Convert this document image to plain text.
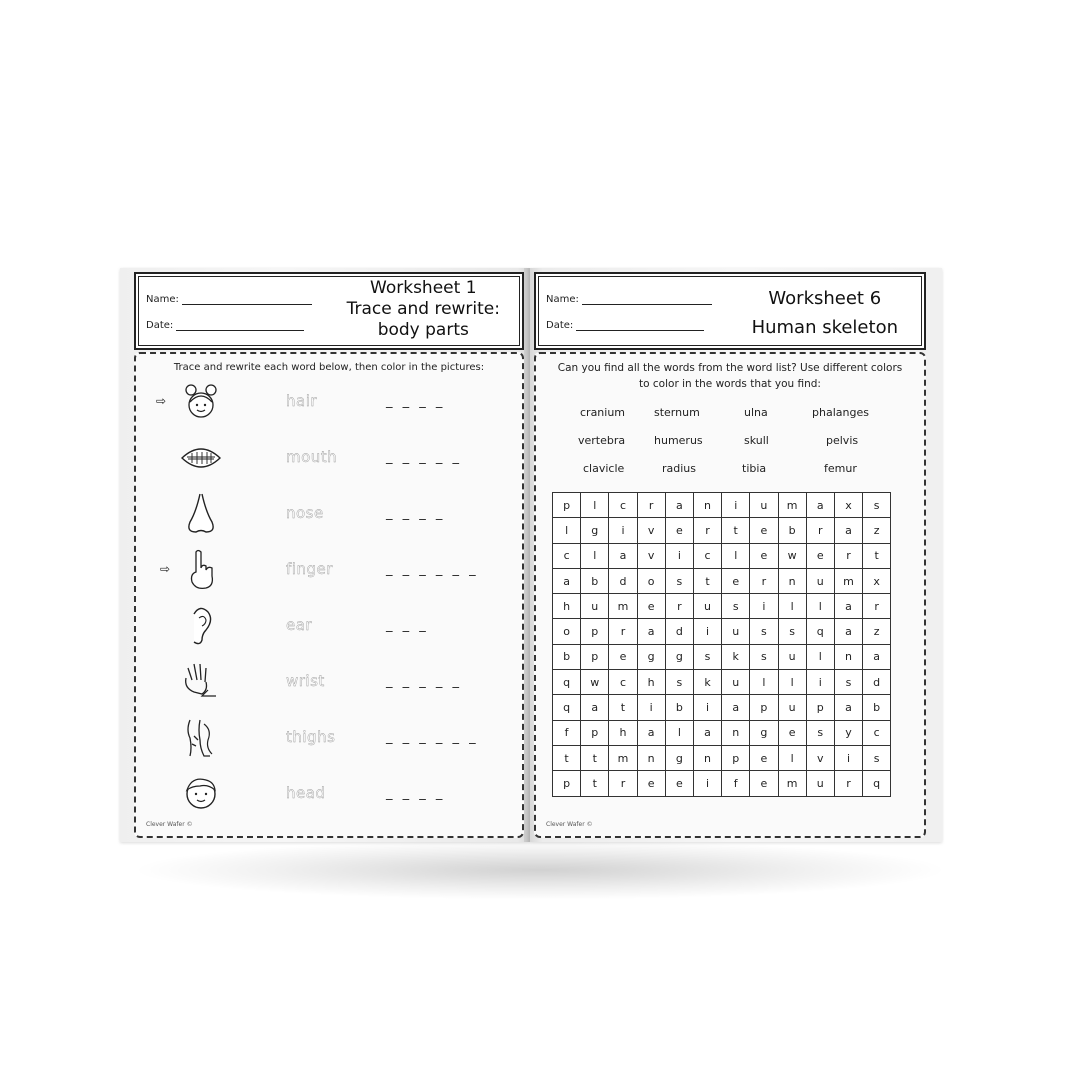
Name:
Date:
Worksheet 1
Trace and rewrite:
body parts
Trace and rewrite each word below, then color in the pictures:
⇨	hair	_ _ _ _
mouth	_ _ _ _ _
nose	_ _ _ _
⇨	finger	_ _ _ _ _ _
ear	_ _ _
wrist	_ _ _ _ _
thighs	_ _ _ _ _ _
head	_ _ _ _
Clever Wafer ©
Name:
Date:
Worksheet 6
Human skeleton
Can you find all the words from the word list? Use different colors
to color in the words that you find:
cranium	sternum	ulna	phalanges
vertebra	humerus	skull	pelvis
clavicle	radius	tibia	femur
p	l	c	r	a	n	i	u	m	a	x	s
l	g	i	v	e	r	t	e	b	r	a	z
c	l	a	v	i	c	l	e	w	e	r	t
a	b	d	o	s	t	e	r	n	u	m	x
h	u	m	e	r	u	s	i	l	l	a	r
o	p	r	a	d	i	u	s	s	q	a	z
b	p	e	g	g	s	k	s	u	l	n	a
q	w	c	h	s	k	u	l	l	i	s	d
q	a	t	i	b	i	a	p	u	p	a	b
f	p	h	a	l	a	n	g	e	s	y	c
t	t	m	n	g	n	p	e	l	v	i	s
p	t	r	e	e	i	f	e	m	u	r	q
Clever Wafer ©
